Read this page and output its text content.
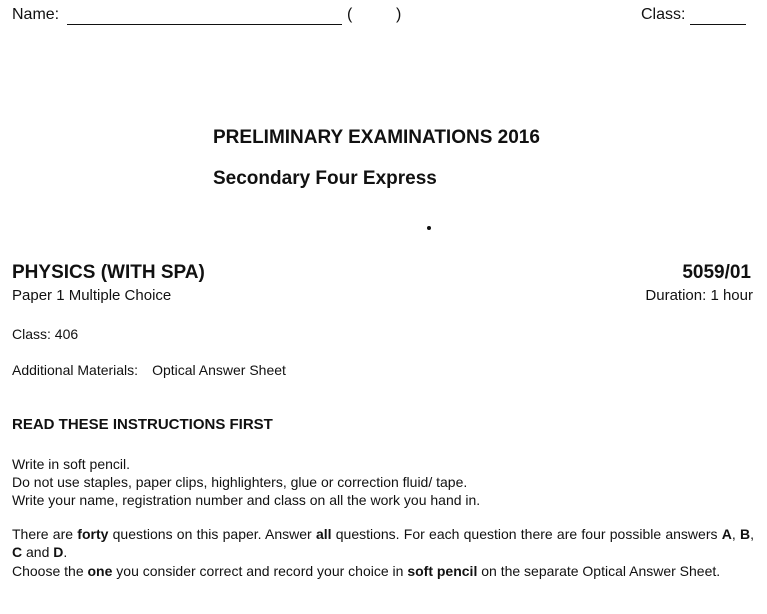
Name:	(	)	Class:
PRELIMINARY EXAMINATIONS 2016
Secondary Four Express
PHYSICS (WITH SPA)	5059/01
Paper 1 Multiple Choice	Duration: 1 hour
Class: 406
Additional Materials: Optical Answer Sheet
READ THESE INSTRUCTIONS FIRST
Write in soft pencil.
Do not use staples, paper clips, highlighters, glue or correction fluid/ tape.
Write your name, registration number and class on all the work you hand in.
There are forty questions on this paper. Answer all questions. For each question there are four possible answers A, B, C and D.
Choose the one you consider correct and record your choice in soft pencil on the separate Optical Answer Sheet.
